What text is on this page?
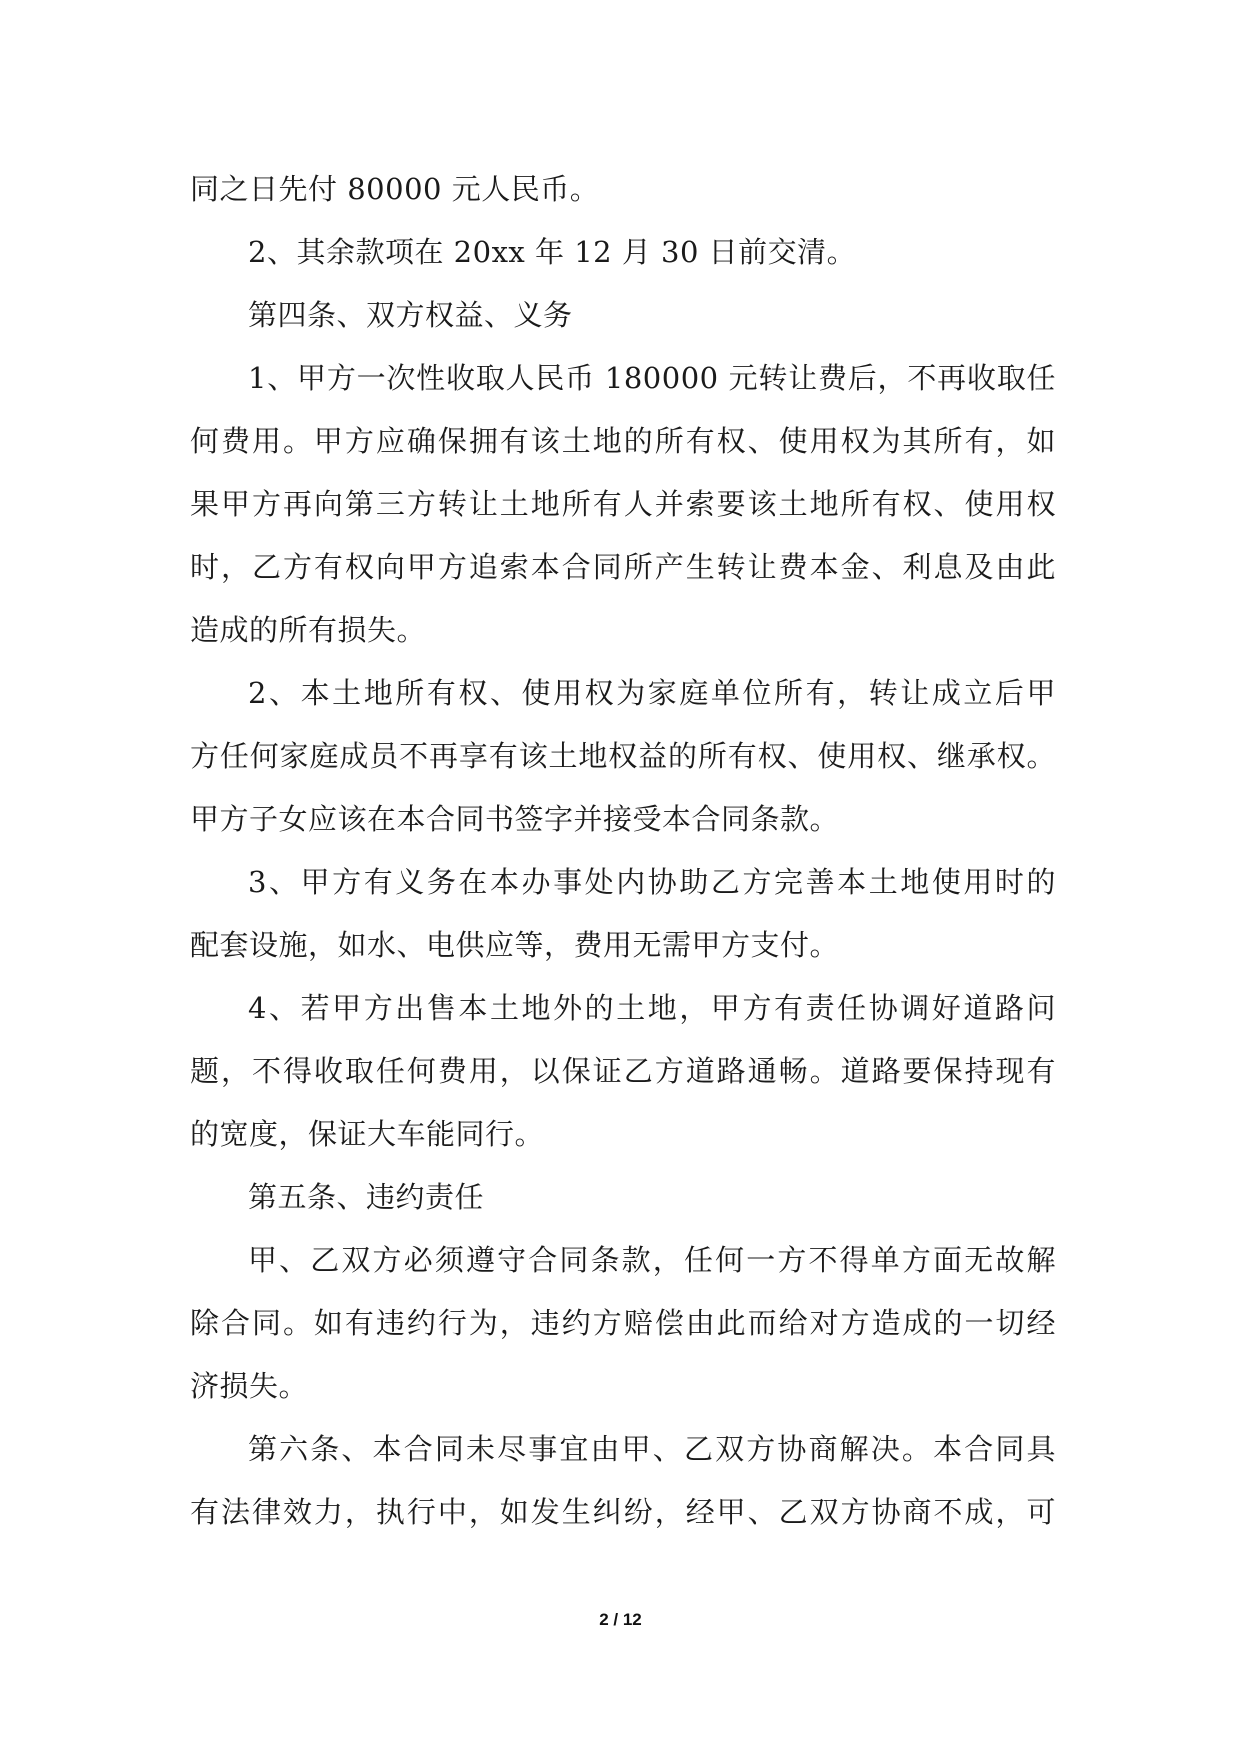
同之日先付 80000 元人民币。
2、其余款项在 20xx 年 12 月 30 日前交清。
第四条、双方权益、义务
1、甲方一次性收取人民币 180000 元转让费后，不再收取任
何费用。甲方应确保拥有该土地的所有权、使用权为其所有，如
果甲方再向第三方转让土地所有人并索要该土地所有权、使用权
时，乙方有权向甲方追索本合同所产生转让费本金、利息及由此
造成的所有损失。
2、本土地所有权、使用权为家庭单位所有，转让成立后甲
方任何家庭成员不再享有该土地权益的所有权、使用权、继承权。
甲方子女应该在本合同书签字并接受本合同条款。
3、甲方有义务在本办事处内协助乙方完善本土地使用时的
配套设施，如水、电供应等，费用无需甲方支付。
4、若甲方出售本土地外的土地，甲方有责任协调好道路问
题，不得收取任何费用，以保证乙方道路通畅。道路要保持现有
的宽度，保证大车能同行。
第五条、违约责任
甲、乙双方必须遵守合同条款，任何一方不得单方面无故解
除合同。如有违约行为，违约方赔偿由此而给对方造成的一切经
济损失。
第六条、本合同未尽事宜由甲、乙双方协商解决。本合同具
有法律效力，执行中，如发生纠纷，经甲、乙双方协商不成，可
2 / 12
